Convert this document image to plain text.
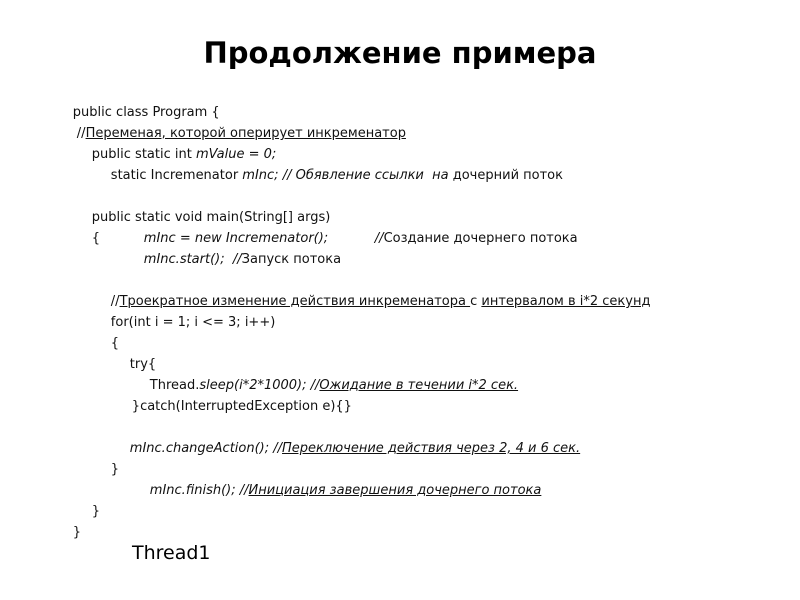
Продолжение примера

public class Program {

//Переменая, которой оперирует инкременатор

public static int mValue = 0;

static Incremenator mInc; // Обявление ссылки  на дочерний поток

public static void main(String[] args)

{
	mInc = new Incremenator();
	//Создание дочернего потока

mInc.start();  //Запуск потока

//Троекратное изменение действия инкременатора с интервалом в i*2 секунд

for(int i = 1; i <= 3; i++)

{

try{

Thread.sleep(i*2*1000); //Ожидание в течении i*2 сек.

}catch(InterruptedException e){}

mInc.changeAction(); //Переключение действия через 2, 4 и 6 сек.

}

mInc.finish(); //Инициация завершения дочернего потока

}

}

Thread1
